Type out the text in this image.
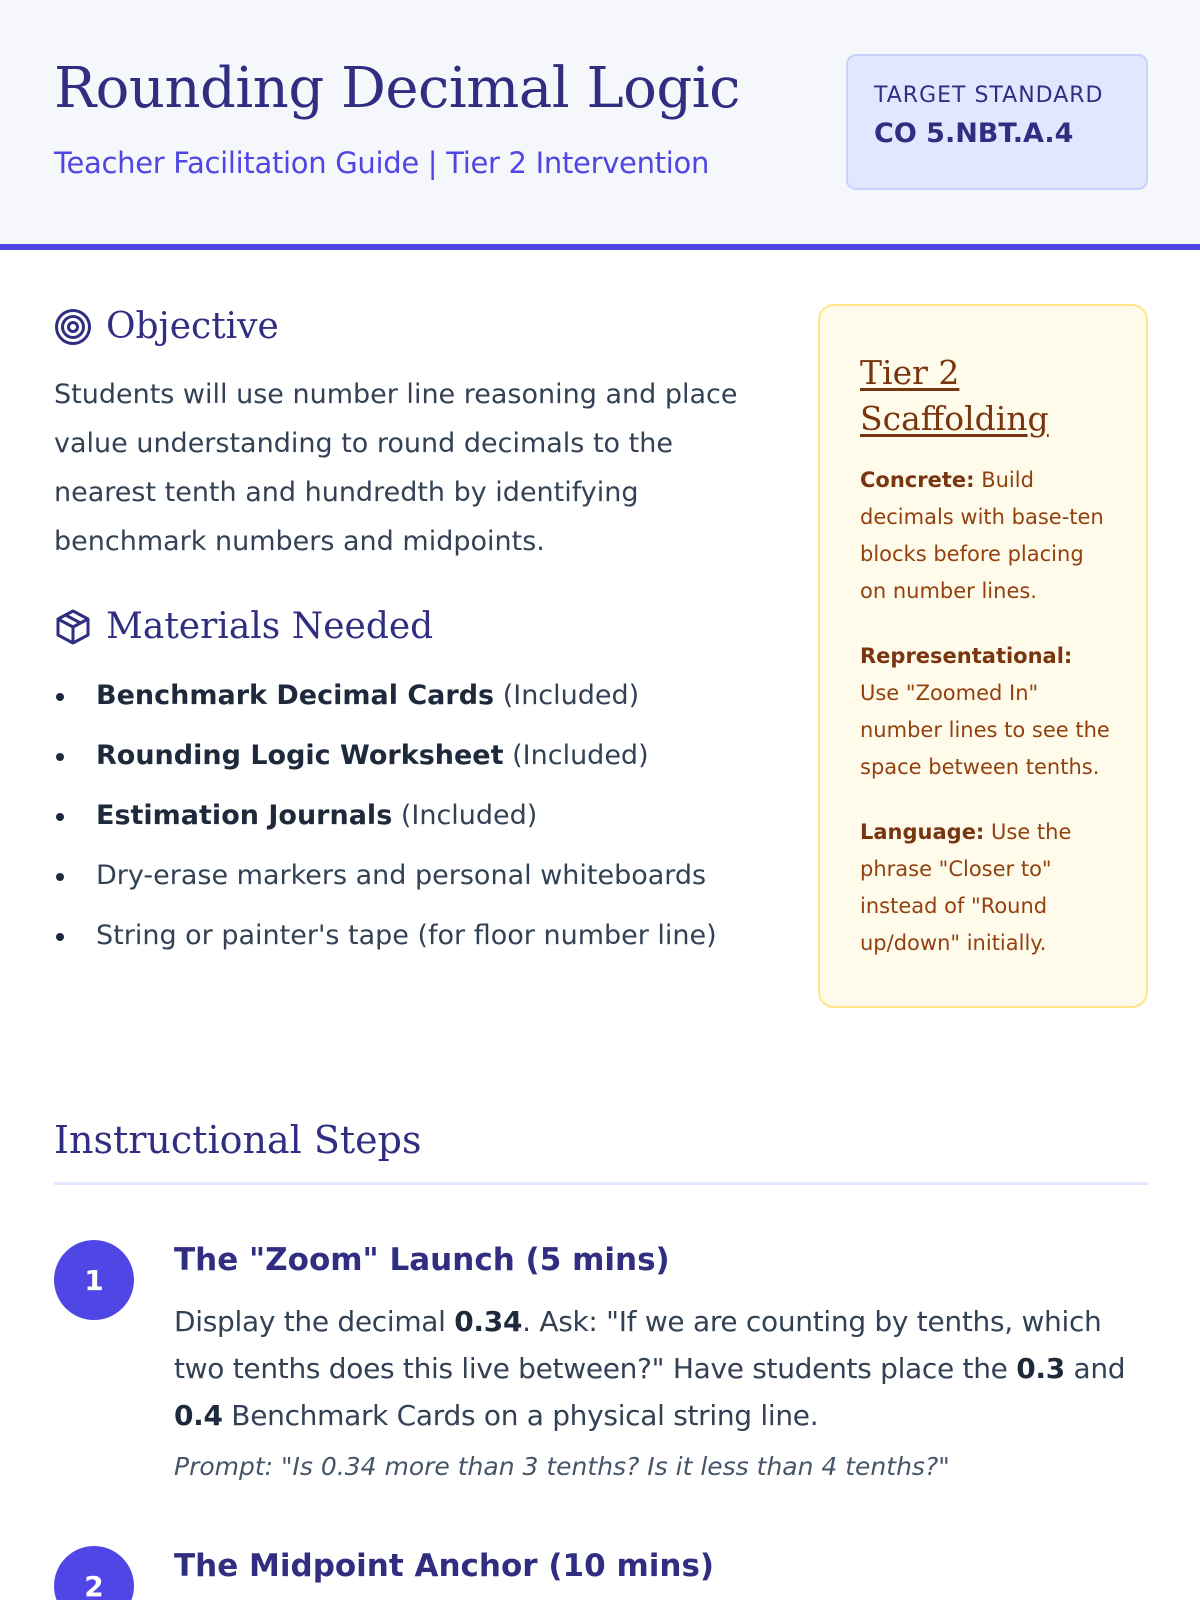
Rounding Decimal Logic
Teacher Facilitation Guide | Tier 2 Intervention
TARGET STANDARD
CO 5.NBT.A.4
Objective

Students will use number line reasoning and place value understanding to round decimals to the nearest tenth and hundredth by identifying benchmark numbers and midpoints.

Materials Needed
Benchmark Decimal Cards (Included)
Rounding Logic Worksheet (Included)
Estimation Journals (Included)
Dry-erase markers and personal whiteboards
String or painter's tape (for floor number line)
Tier 2 Scaffolding

Concrete: Build decimals with base-ten blocks before placing on number lines.

Representational: Use "Zoomed In" number lines to see the space between tenths.

Language: Use the phrase "Closer to" instead of "Round up/down" initially.

Instructional Steps
1
The "Zoom" Launch (5 mins)

Display the decimal 0.34. Ask: "If we are counting by tenths, which two tenths does this live between?" Have students place the 0.3 and 0.4 Benchmark Cards on a physical string line.

Prompt: "Is 0.34 more than 3 tenths? Is it less than 4 tenths?"
2
The Midpoint Anchor (10 mins)
